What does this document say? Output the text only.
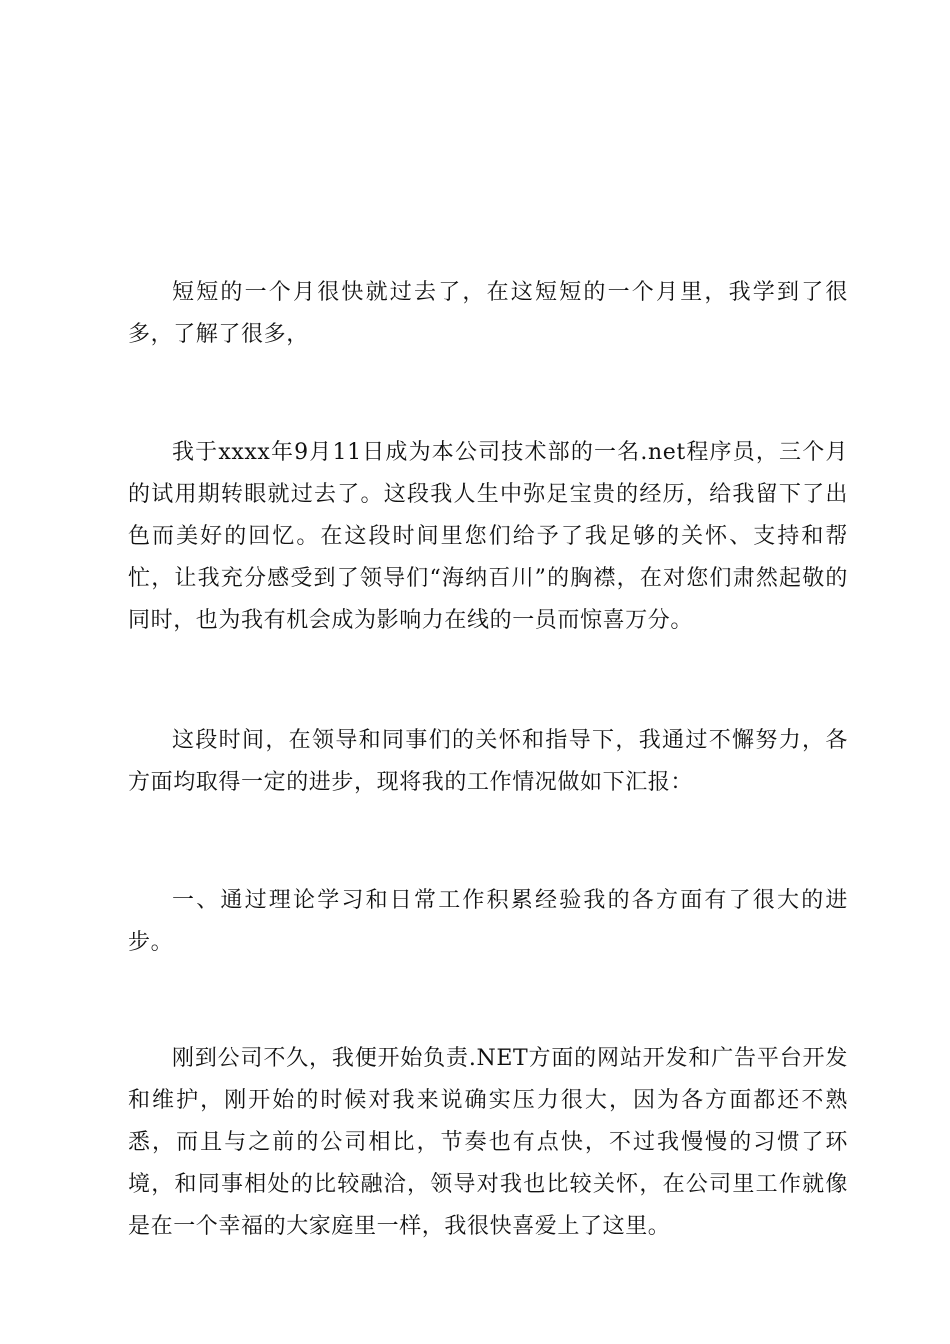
短短的一个月很快就过去了，在这短短的一个月里，我学到了很多，了解了很多，

我于xxxx年9月11日成为本公司技术部的一名.net程序员，三个月的试用期转眼就过去了。这段我人生中弥足宝贵的经历，给我留下了出色而美好的回忆。在这段时间里您们给予了我足够的关怀、支持和帮忙，让我充分感受到了领导们“海纳百川”的胸襟，在对您们肃然起敬的同时，也为我有机会成为影响力在线的一员而惊喜万分。

这段时间，在领导和同事们的关怀和指导下，我通过不懈努力，各方面均取得一定的进步，现将我的工作情况做如下汇报：

一、通过理论学习和日常工作积累经验我的各方面有了很大的进步。

刚到公司不久，我便开始负责.NET方面的网站开发和广告平台开发和维护，刚开始的时候对我来说确实压力很大，因为各方面都还不熟悉，而且与之前的公司相比，节奏也有点快，不过我慢慢的习惯了环境，和同事相处的比较融洽，领导对我也比较关怀，在公司里工作就像是在一个幸福的大家庭里一样，我很快喜爱上了这里。
